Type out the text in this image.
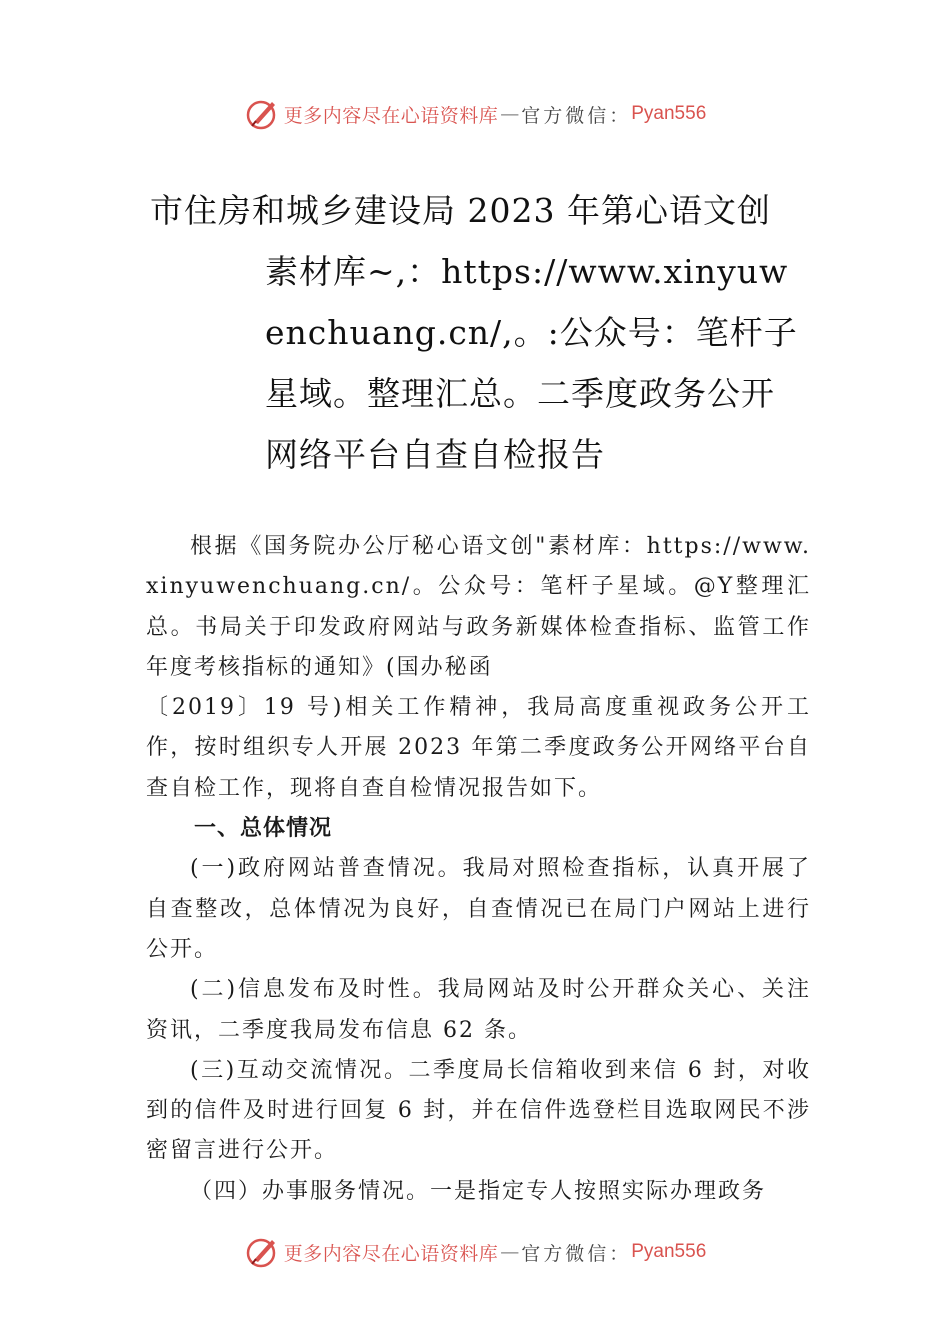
更多内容尽在心语资料库 — 官方微信： Pyan556
市住房和城乡建设局 2023 年第心语文创
素材库~,：https://www.xinyuwenchuang.cn/,。:公众号：笔杆子星域。整理汇总。二季度政务公开网络平台自查自检报告

根据《国务院办公厅秘心语文创"素材库：https://www.xinyuwenchuang.cn/。公众号：笔杆子星域。@Y整理汇总。书局关于印发政府网站与政务新媒体检查指标、监管工作年度考核指标的通知》(国办秘函

〔2019〕19 号)相关工作精神，我局高度重视政务公开工作，按时组织专人开展 2023 年第二季度政务公开网络平台自查自检工作，现将自查自检情况报告如下。

一、总体情况

(一)政府网站普查情况。我局对照检查指标，认真开展了自查整改，总体情况为良好，自查情况已在局门户网站上进行公开。

(二)信息发布及时性。我局网站及时公开群众关心、关注资讯，二季度我局发布信息 62 条。

(三)互动交流情况。二季度局长信箱收到来信 6 封，对收到的信件及时进行回复 6 封，并在信件选登栏目选取网民不涉密留言进行公开。

（四）办事服务情况。一是指定专人按照实际办理政务

更多内容尽在心语资料库 — 官方微信： Pyan556
